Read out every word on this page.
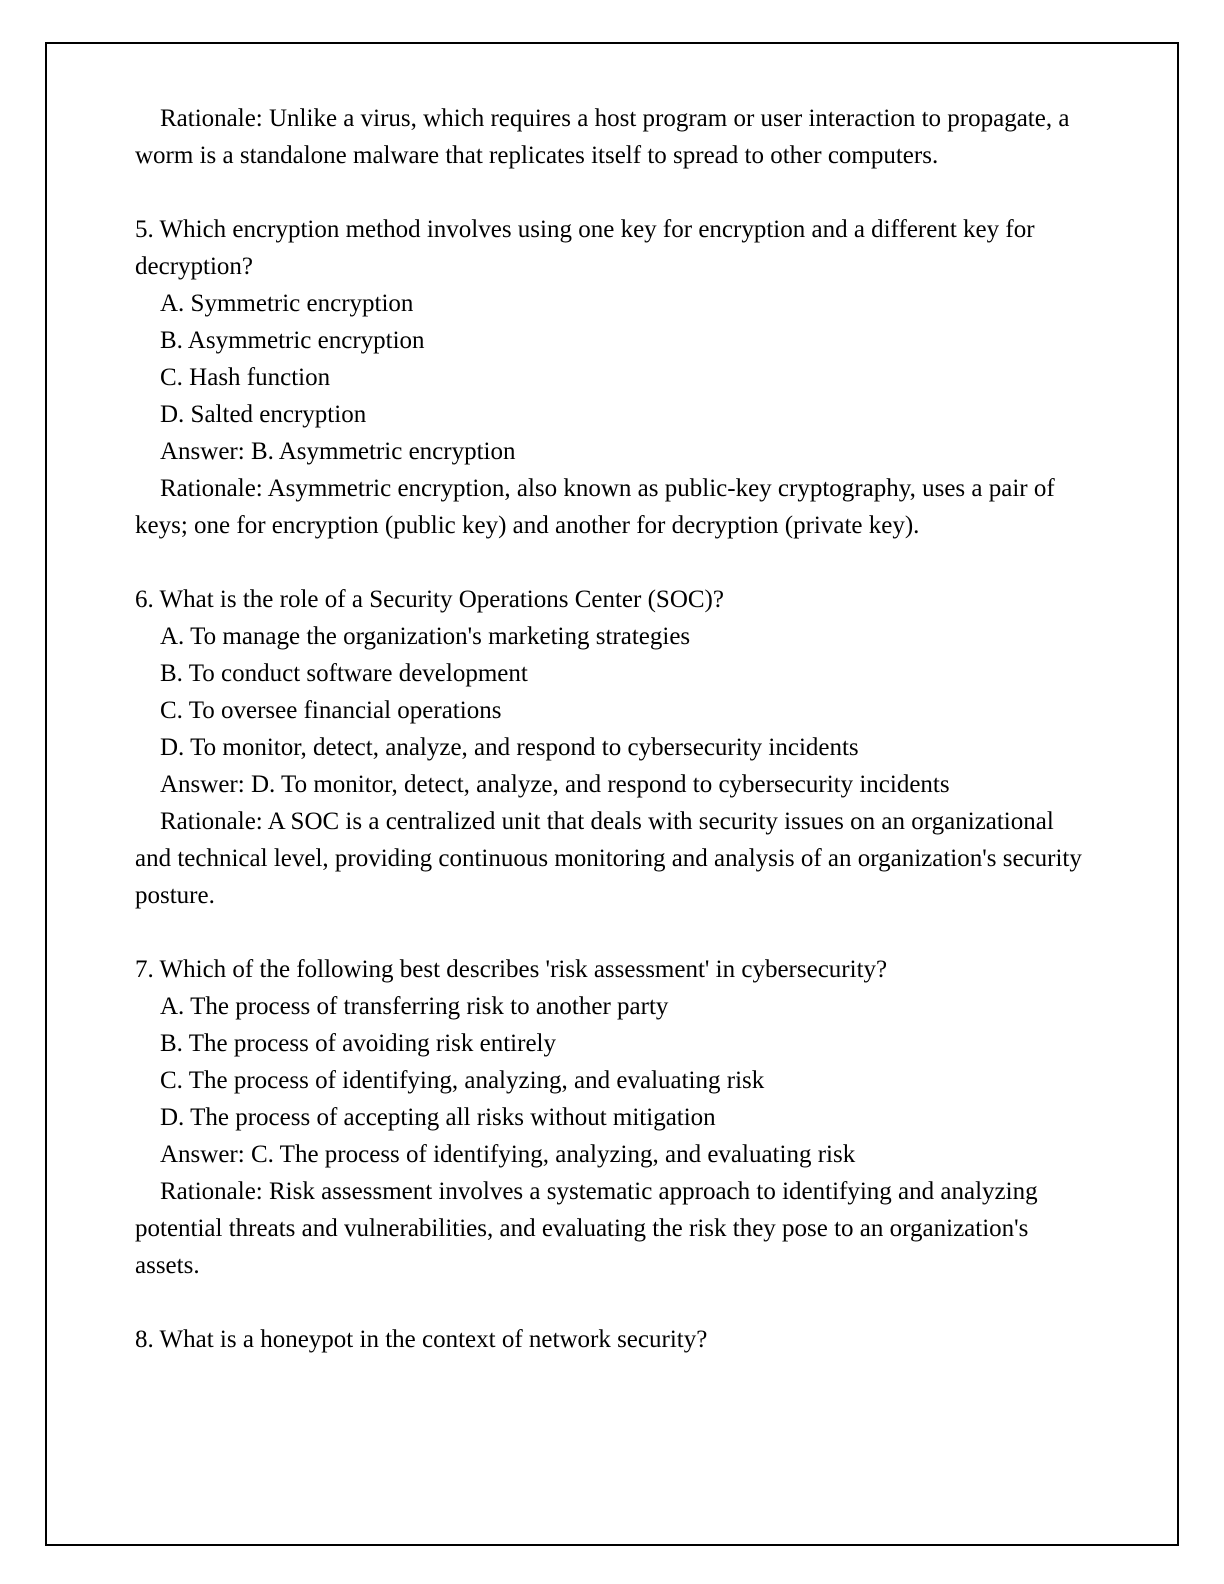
Rationale: Unlike a virus, which requires a host program or user interaction to propagate, a worm is a standalone malware that replicates itself to spread to other computers.

5. Which encryption method involves using one key for encryption and a different key for decryption?

A. Symmetric encryption

B. Asymmetric encryption

C. Hash function

D. Salted encryption

Answer: B. Asymmetric encryption

Rationale: Asymmetric encryption, also known as public-key cryptography, uses a pair of keys; one for encryption (public key) and another for decryption (private key).

6. What is the role of a Security Operations Center (SOC)?

A. To manage the organization's marketing strategies

B. To conduct software development

C. To oversee financial operations

D. To monitor, detect, analyze, and respond to cybersecurity incidents

Answer: D. To monitor, detect, analyze, and respond to cybersecurity incidents

Rationale: A SOC is a centralized unit that deals with security issues on an organizational and technical level, providing continuous monitoring and analysis of an organization's security posture.

7. Which of the following best describes 'risk assessment' in cybersecurity?

A. The process of transferring risk to another party

B. The process of avoiding risk entirely

C. The process of identifying, analyzing, and evaluating risk

D. The process of accepting all risks without mitigation

Answer: C. The process of identifying, analyzing, and evaluating risk

Rationale: Risk assessment involves a systematic approach to identifying and analyzing potential threats and vulnerabilities, and evaluating the risk they pose to an organization's assets.

8. What is a honeypot in the context of network security?
